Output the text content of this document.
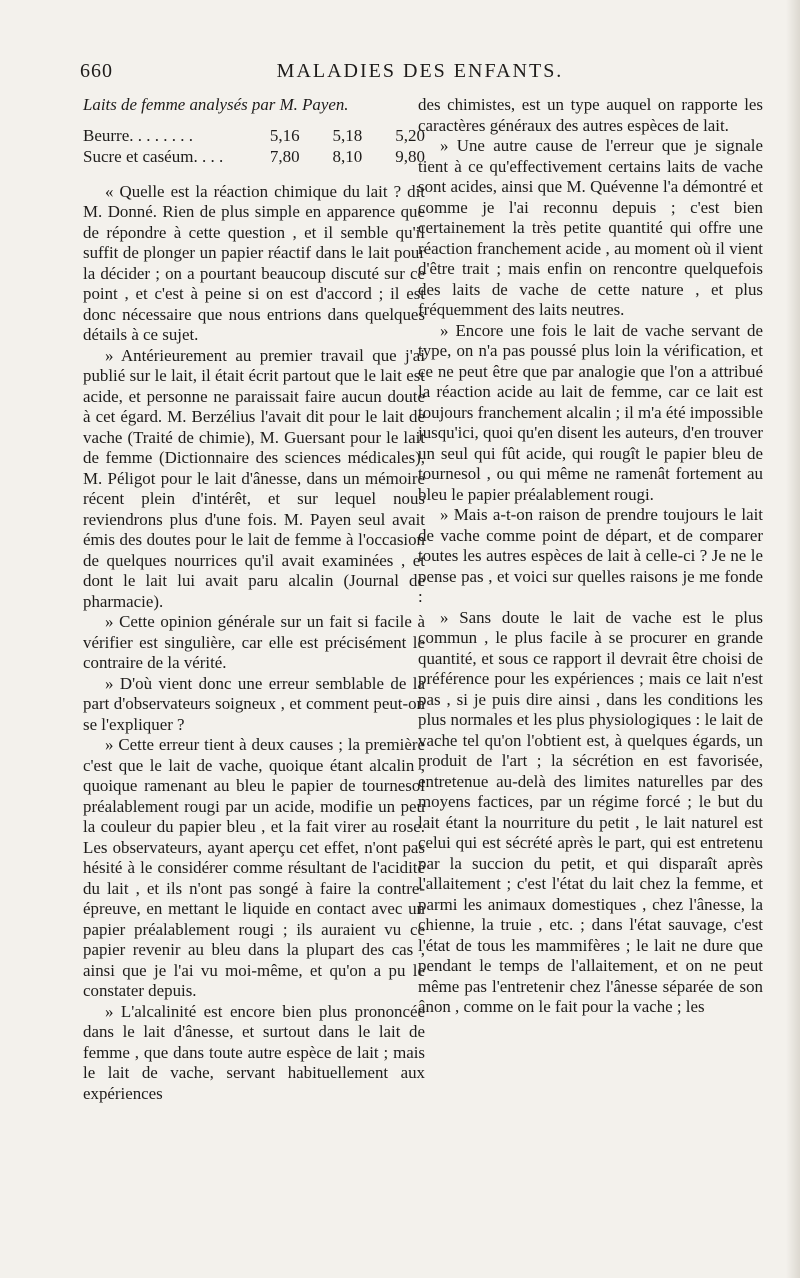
660	MALADIES DES ENFANTS.

Laits de femme analysés par M. Payen.

Beurre. . . . . . . .	5,16	5,18	5,20
Sucre et caséum. . . .	7,80	8,10	9,80

« Quelle est la réaction chimique du lait ? dit M. Donné. Rien de plus simple en apparence que de répondre à cette question , et il semble qu'il suffit de plonger un papier réactif dans le lait pour la décider ; on a pourtant beaucoup discuté sur ce point , et c'est à peine si on est d'accord ; il est donc nécessaire que nous entrions dans quelques détails à ce sujet.

» Antérieurement au premier travail que j'ai publié sur le lait, il était écrit partout que le lait est acide, et personne ne paraissait faire aucun doute à cet égard. M. Berzélius l'avait dit pour le lait de vache (Traité de chimie), M. Guersant pour le lait de femme (Dictionnaire des sciences médicales), M. Péligot pour le lait d'ânesse, dans un mémoire récent plein d'intérêt, et sur lequel nous reviendrons plus d'une fois. M. Payen seul avait émis des doutes pour le lait de femme à l'occasion de quelques nourrices qu'il avait examinées , et dont le lait lui avait paru alcalin (Journal de pharmacie).

» Cette opinion générale sur un fait si facile à vérifier est singulière, car elle est précisément le contraire de la vérité.

» D'où vient donc une erreur semblable de la part d'observateurs soigneux , et comment peut-on se l'expliquer ?

» Cette erreur tient à deux causes ; la première c'est que le lait de vache, quoique étant alcalin , quoique ramenant au bleu le papier de tournesol préalablement rougi par un acide, modifie un peu la couleur du papier bleu , et la fait virer au rose. Les observateurs, ayant aperçu cet effet, n'ont pas hésité à le considérer comme résultant de l'acidité du lait , et ils n'ont pas songé à faire la contre-épreuve, en mettant le liquide en contact avec un papier préalablement rougi ; ils auraient vu ce papier revenir au bleu dans la plupart des cas , ainsi que je l'ai vu moi-même, et qu'on a pu le constater depuis.

» L'alcalinité est encore bien plus prononcée dans le lait d'ânesse, et surtout dans le lait de femme , que dans toute autre espèce de lait ; mais le lait de vache, servant habituellement aux expériences

des chimistes, est un type auquel on rapporte les caractères généraux des autres espèces de lait.

» Une autre cause de l'erreur que je signale tient à ce qu'effectivement certains laits de vache sont acides, ainsi que M. Quévenne l'a démontré et comme je l'ai reconnu depuis ; c'est bien certainement la très petite quantité qui offre une réaction franchement acide , au moment où il vient d'être trait ; mais enfin on rencontre quelquefois des laits de vache de cette nature , et plus fréquemment des laits neutres.

» Encore une fois le lait de vache servant de type, on n'a pas poussé plus loin la vérification, et ce ne peut être que par analogie que l'on a attribué la réaction acide au lait de femme, car ce lait est toujours franchement alcalin ; il m'a été impossible jusqu'ici, quoi qu'en disent les auteurs, d'en trouver un seul qui fût acide, qui rougît le papier bleu de tournesol , ou qui même ne ramenât fortement au bleu le papier préalablement rougi.

» Mais a-t-on raison de prendre toujours le lait de vache comme point de départ, et de comparer toutes les autres espèces de lait à celle-ci ? Je ne le pense pas , et voici sur quelles raisons je me fonde :

» Sans doute le lait de vache est le plus commun , le plus facile à se procurer en grande quantité, et sous ce rapport il devrait être choisi de préférence pour les expériences ; mais ce lait n'est pas , si je puis dire ainsi , dans les conditions les plus normales et les plus physiologiques : le lait de vache tel qu'on l'obtient est, à quelques égards, un produit de l'art ; la sécrétion en est favorisée, entretenue au-delà des limites naturelles par des moyens factices, par un régime forcé ; le but du lait étant la nourriture du petit , le lait naturel est celui qui est sécrété après le part, qui est entretenu par la succion du petit, et qui disparaît après l'allaitement ; c'est l'état du lait chez la femme, et parmi les animaux domestiques , chez l'ânesse, la chienne, la truie , etc. ; dans l'état sauvage, c'est l'état de tous les mammifères ; le lait ne dure que pendant le temps de l'allaitement, et on ne peut même pas l'entretenir chez l'ânesse séparée de son ânon , comme on le fait pour la vache ; les
